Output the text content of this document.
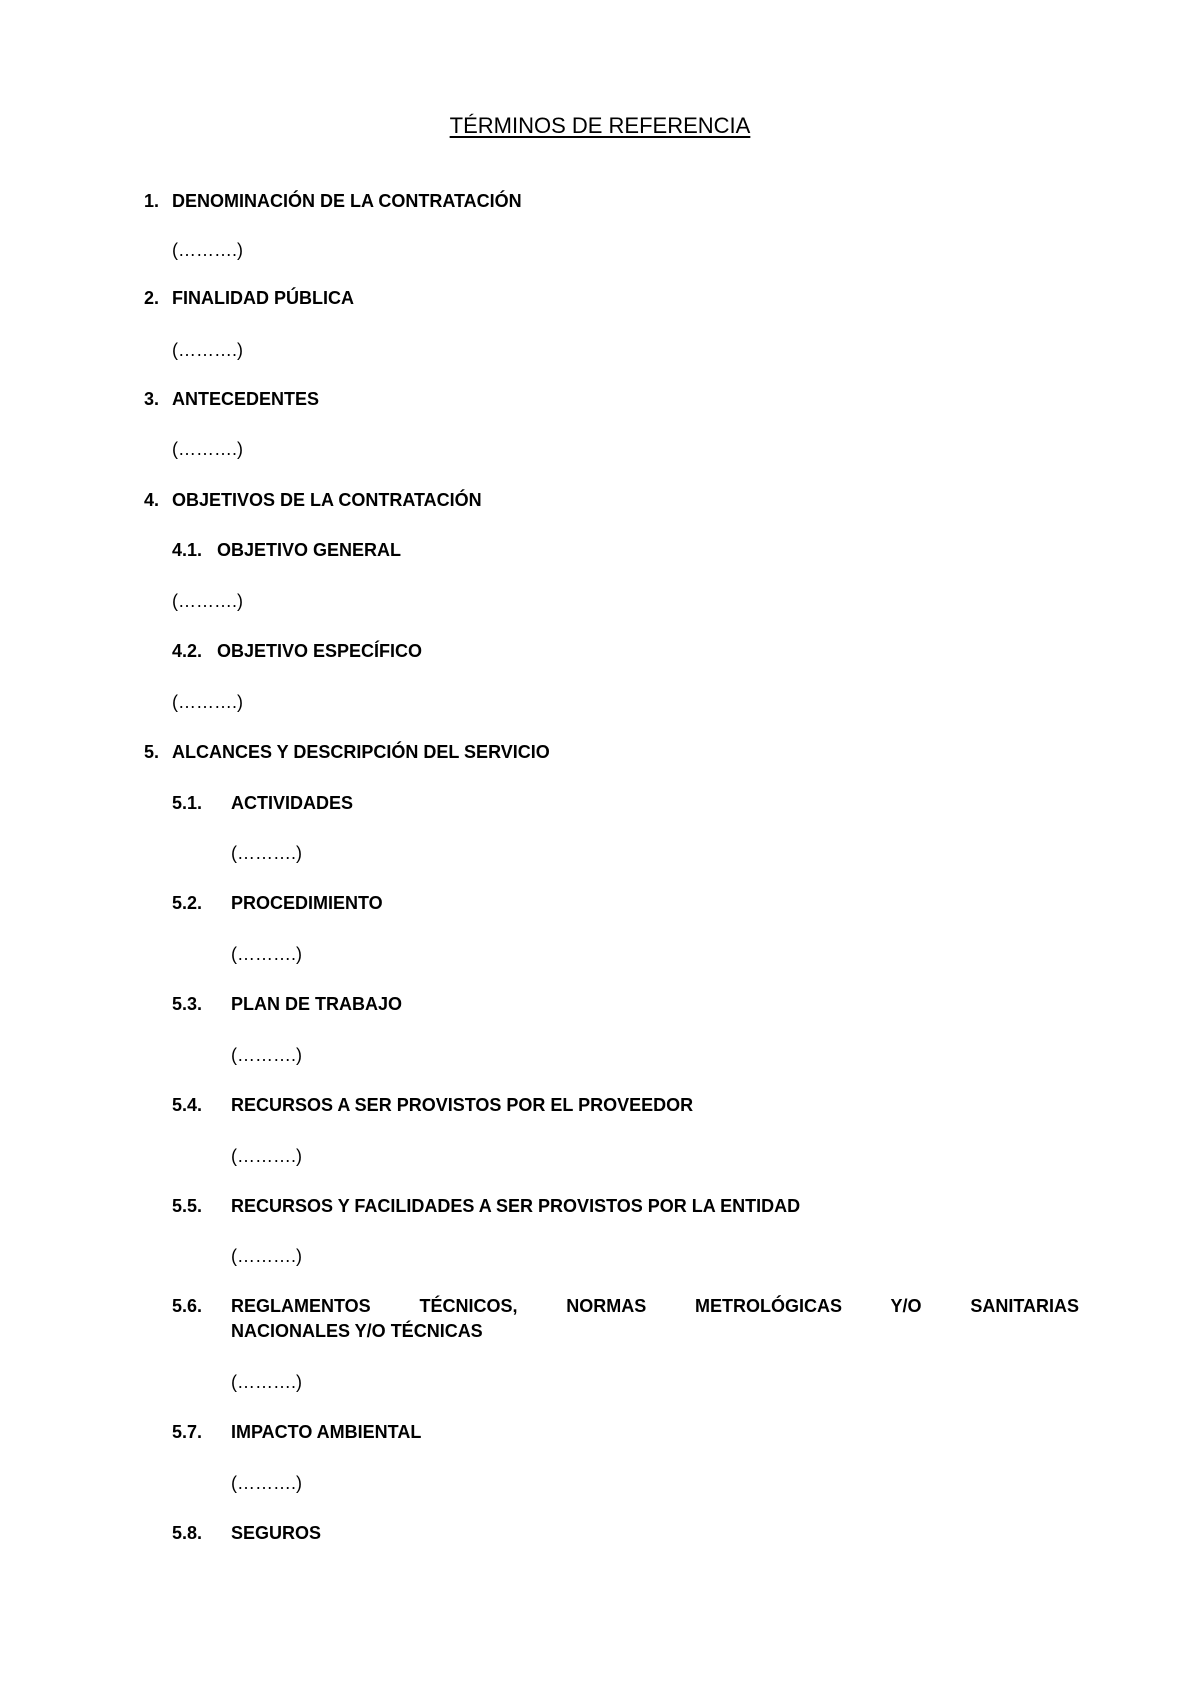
TÉRMINOS DE REFERENCIA
1. DENOMINACIÓN DE LA CONTRATACIÓN
(……….)
2. FINALIDAD PÚBLICA
(……….)
3. ANTECEDENTES
(……….)
4. OBJETIVOS DE LA CONTRATACIÓN
4.1. OBJETIVO GENERAL
(……….)
4.2. OBJETIVO ESPECÍFICO
(……….)
5. ALCANCES Y DESCRIPCIÓN DEL SERVICIO
5.1. ACTIVIDADES
(……….)
5.2. PROCEDIMIENTO
(……….)
5.3. PLAN DE TRABAJO
(……….)
5.4. RECURSOS A SER PROVISTOS POR EL PROVEEDOR
(……….)
5.5. RECURSOS Y FACILIDADES A SER PROVISTOS POR LA ENTIDAD
(……….)
5.6. REGLAMENTOS TÉCNICOS, NORMAS METROLÓGICAS Y/O SANITARIAS
NACIONALES Y/O TÉCNICAS
(……….)
5.7. IMPACTO AMBIENTAL
(……….)
5.8. SEGUROS
